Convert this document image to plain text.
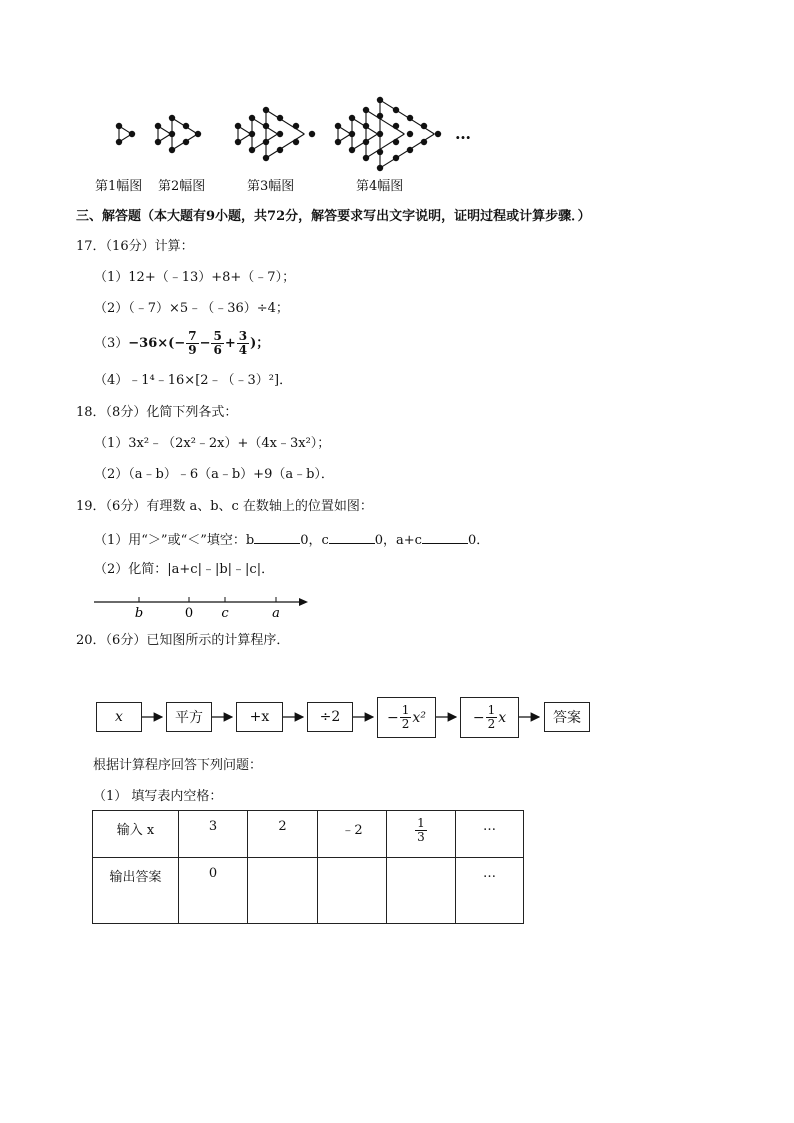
第1幅图 第2幅图	第3幅图	第4幅图
…
三、解答题（本大题有9小题，共72分，解答要求写出文字说明，证明过程或计算步骤．）
17．（16分）计算：
（1）12+（﹣13）+8+（﹣7）；
（2）（﹣7）×5﹣（﹣36）÷4；
$(3) -36\times( - \frac{7}{9} - \frac{5}{6} + \frac{3}{4}$ )；
（4）﹣1⁴﹣16×[2﹣（﹣3）²]．
18．（8分）化简下列各式：
（1）3x²﹣（2x²﹣2x）+（4x﹣3x²）；
（2）（a﹣b）﹣6（a﹣b）+9（a﹣b）．
19．（6分）有理数 a、b、c 在数轴上的位置如图：
（1）用“＞”或“＜”填空：b	0，c	0，a+c	0．
（2）化简：|a+c|﹣|b|﹣|c|．
b	0 c	a
20．（6分）已知图所示的计算程序．
x	平方	+x	÷2	− $\frac{1}{2} x^2$	− $\frac{1}{2}$ x	答案
根据计算程序回答下列问题：
（1） 填写表内空格：
输入 x	3	2	﹣2	$\frac{1}{3}$	…
输出答案	0				…
